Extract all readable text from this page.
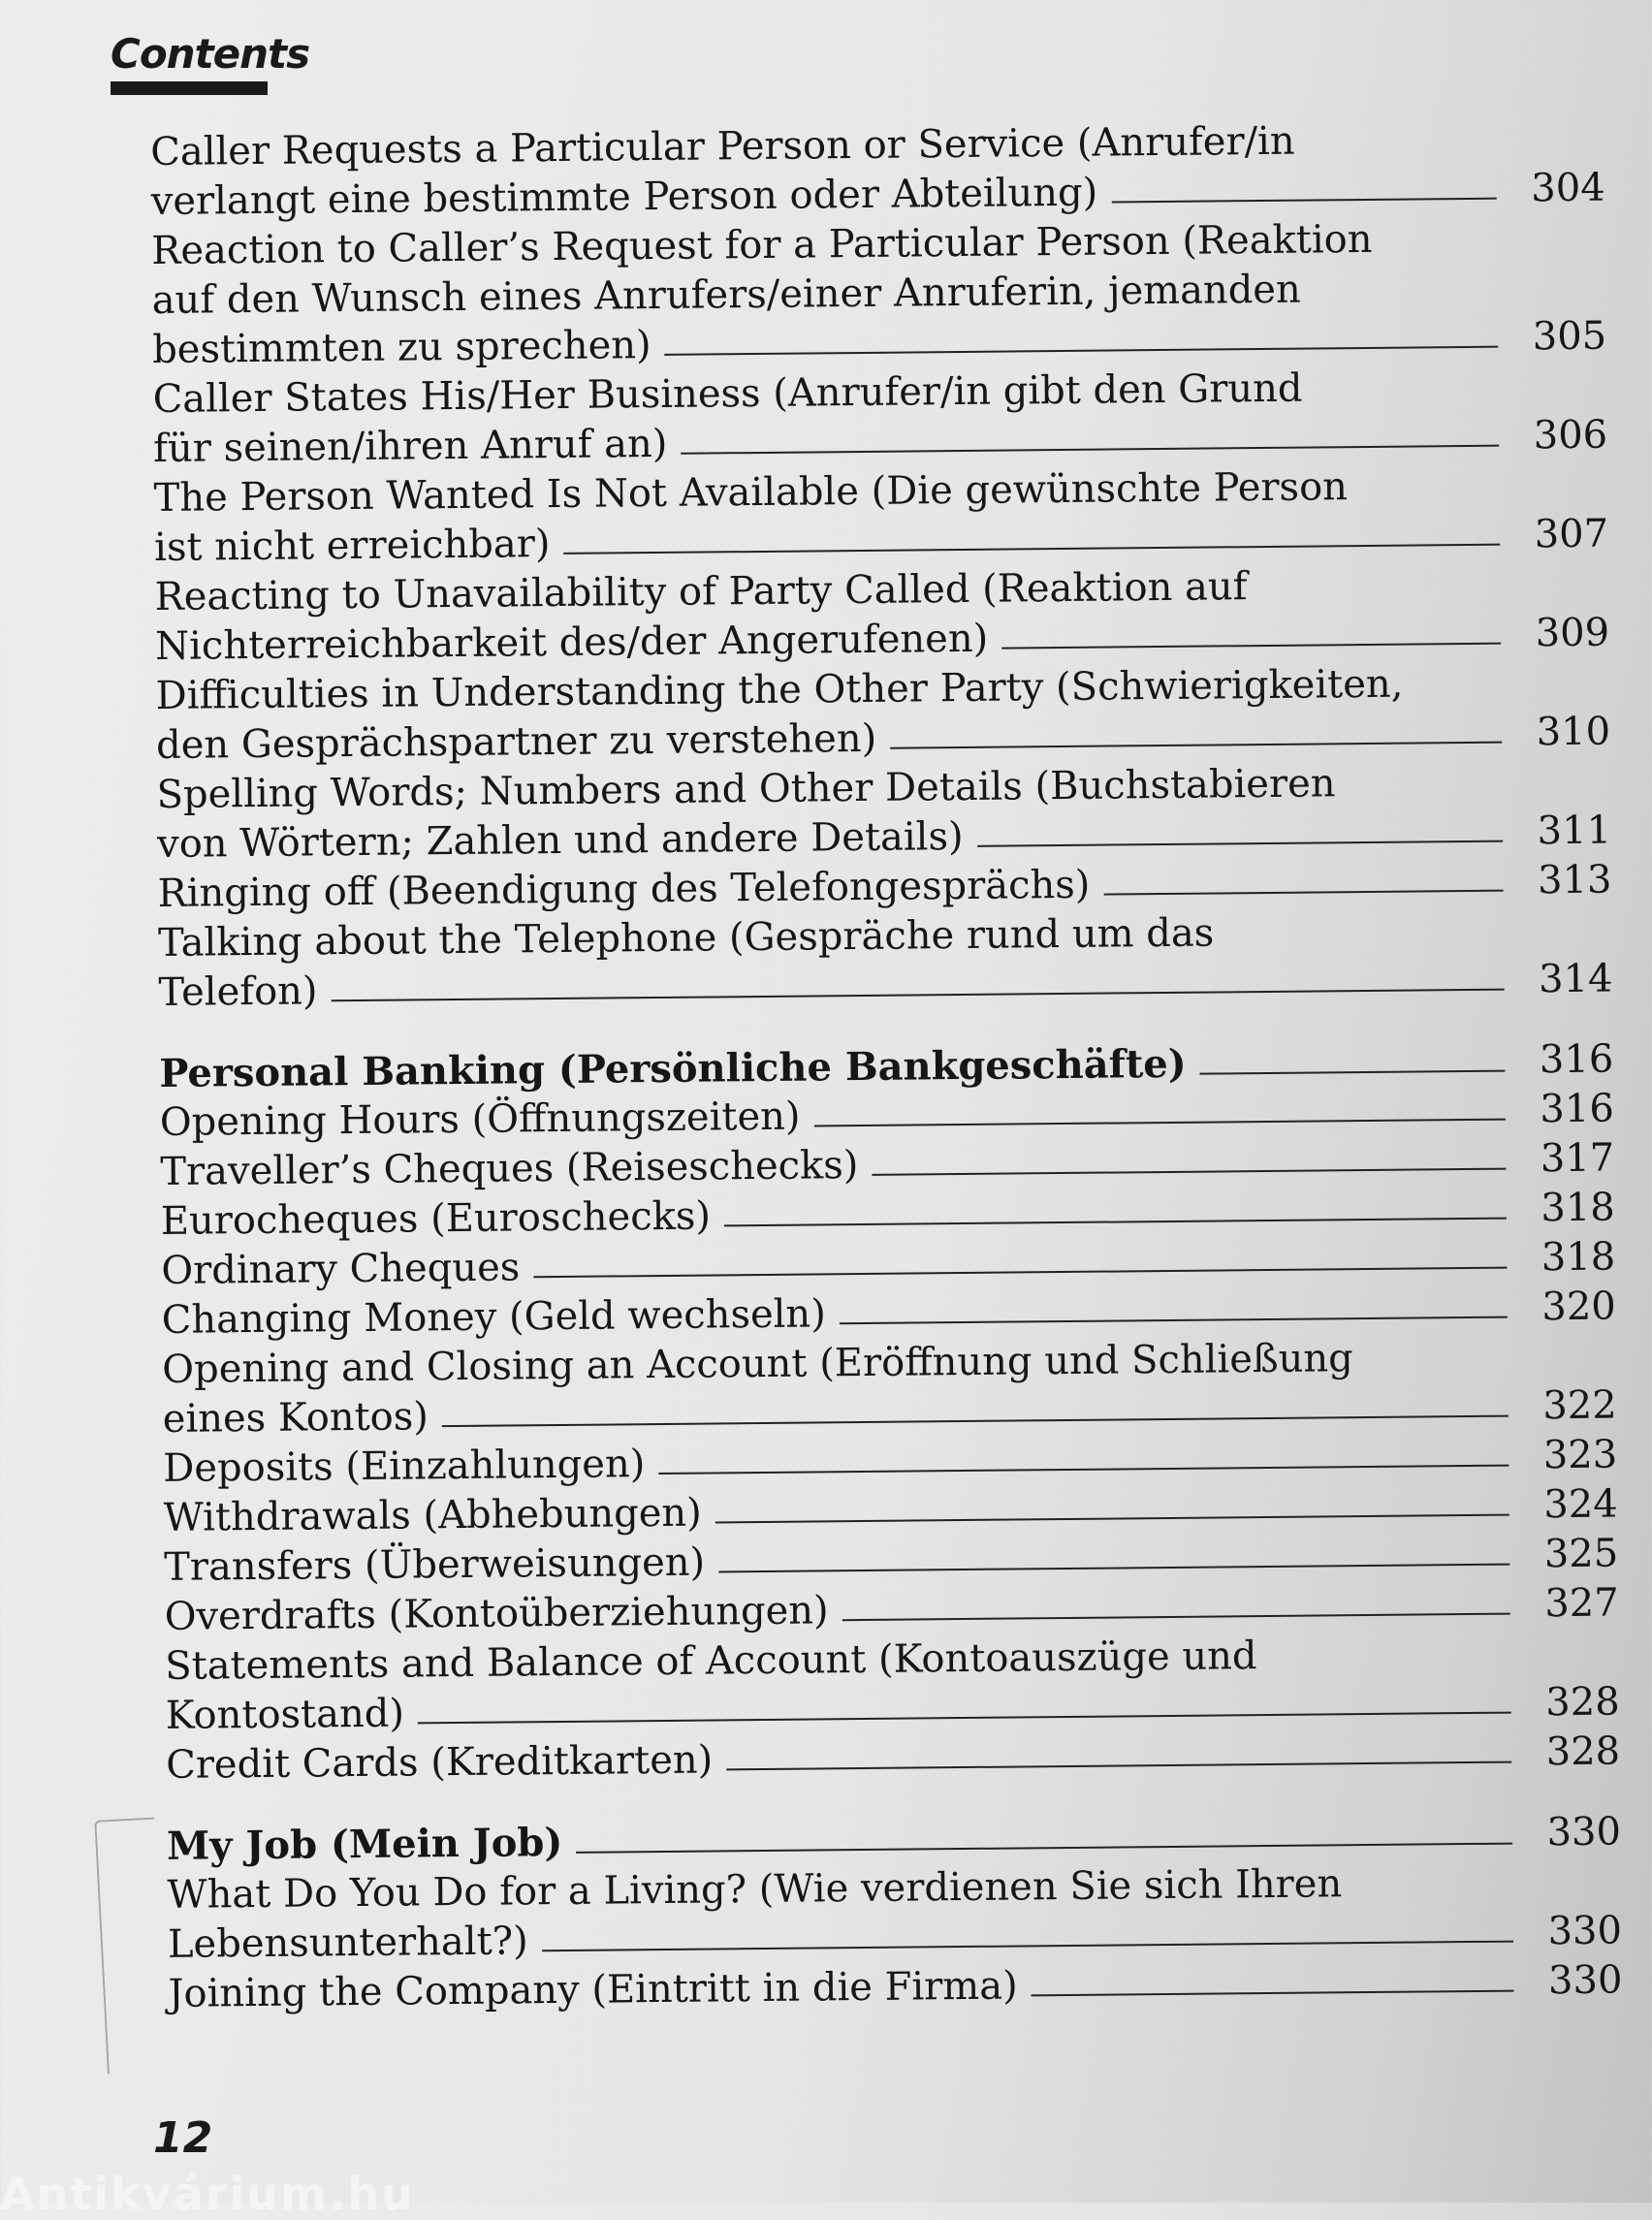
Contents
Caller Requests a Particular Person or Service (Anrufer/in
verlangt eine bestimmte Person oder Abteilung)	304
Reaction to Caller’s Request for a Particular Person (Reaktion
auf den Wunsch eines Anrufers/einer Anruferin, jemanden
bestimmten zu sprechen)	305
Caller States His/Her Business (Anrufer/in gibt den Grund
für seinen/ihren Anruf an)	306
The Person Wanted Is Not Available (Die gewünschte Person
ist nicht erreichbar)	307
Reacting to Unavailability of Party Called (Reaktion auf
Nichterreichbarkeit des/der Angerufenen)	309
Difficulties in Understanding the Other Party (Schwierigkeiten,
den Gesprächspartner zu verstehen)	310
Spelling Words; Numbers and Other Details (Buchstabieren
von Wörtern; Zahlen und andere Details)	311
Ringing off (Beendigung des Telefongesprächs)	313
Talking about the Telephone (Gespräche rund um das
Telefon)	314
Personal Banking (Persönliche Bankgeschäfte)	316
Opening Hours (Öffnungszeiten)	316
Traveller’s Cheques (Reiseschecks)	317
Eurocheques (Euroschecks)	318
Ordinary Cheques	318
Changing Money (Geld wechseln)	320
Opening and Closing an Account (Eröffnung und Schließung
eines Kontos)	322
Deposits (Einzahlungen)	323
Withdrawals (Abhebungen)	324
Transfers (Überweisungen)	325
Overdrafts (Kontoüberziehungen)	327
Statements and Balance of Account (Kontoauszüge und
Kontostand)	328
Credit Cards (Kreditkarten)	328
My Job (Mein Job)	330
What Do You Do for a Living? (Wie verdienen Sie sich Ihren
Lebensunterhalt?)	330
Joining the Company (Eintritt in die Firma)	330
12
Antikvárium.hu
